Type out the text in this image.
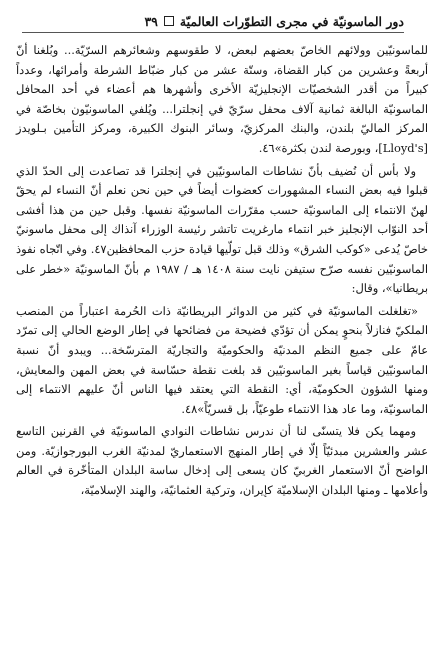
دور الماسونيّة في مجرى التطوّرات العالميّة
٣٩

للماسونيّين وولائهم الخاصّ بعضهم لبعض، لا طقوسهم وشعائرهم السرّيّة... وبُلغنا أنّ أربعةً وعشرين من كبار القضاة، وستّة عشر من كبار ضبّاط الشرطة وأمرائها، وعدداً كبيراً من أقدر الشخصيّات الإنجليزيّة الأخرى وأشهرها هم أعضاء في أحد المحافل الماسونيّة البالغة ثمانية آلاف محفل سرّيّ في إنجلترا... ويُلفي الماسونيّون بخاصّة في المركز الماليّ بلندن، والبنك المركزيّ، وسائر البنوك الكبيرة، ومركز التأمين بـلويدز [Lloyd's]، وبورصة لندن بكثرة»٤٦.

ولا بأس أن نُضيف بأنّ نشاطات الماسونيّين في إنجلترا قد تصاعدت إلى الحدّ الذي قبلوا فيه بعض النساء المشهورات كعضوات أيضاً في حين نحن نعلم أنّ النساء لم يحقّ لهنّ الانتماء إلى الماسونيّة حسب مقرّرات الماسونيّة نفسها. وقبل حين من هذا أفشى أحد النوّاب الإنجليز خبر انتماء مارغريت تاتشر رئيسة الوزراء آنذاك إلى محفل ماسونيّ خاصّ يُدعى «كوكب الشرق» وذلك قبل تولّيها قيادة حزب المحافظين٤٧. وفي اتّجاه نفوذ الماسونيّين نفسه صرّح ستيفن نايت سنة ١٤٠٨ هـ / ١٩٨٧ م بأنّ الماسونيّة «خطر على بريطانيا»، وقال:

«تغلغلت الماسونيّة في كثير من الدوائر البريطانيّة ذات الحُرمة اعتباراً من المنصب الملكيّ فنازلاً بنحوٍ يمكن أن تؤدّي فضيحة من فضائحها في إطار الوضع الحالي إلى تمرّد عامّ على جميع النظم المدنيّة والحكوميّة والتجاريّة المترسّخة... ويبدو أنّ نسبة الماسونيّين قياساً بغير الماسونيّين قد بلغت نقطة حسّاسة في بعض المهن والمعايش، ومنها الشؤون الحكوميّة، أي: النقطة التي يعتقد فيها الناس أنّ عليهم الانتماء إلى الماسونيّة، وما عاد هذا الانتماء طوعيّاً، بل قسريّاً»٤٨.

ومهما يكن فلا يتسنّى لنا أن ندرس نشاطات النوادي الماسونيّة في القرنين التاسع عشر والعشرين مبدئيّاً إلّا في إطار المنهج الاستعماريّ لمدنيّة الغرب البورجوازيّة. ومن الواضح أنّ الاستعمار الغربيّ كان يسعى إلى إدخال ساسة البلدان المتأخّرة في العالم وأعلامها ـ ومنها البلدان الإسلاميّة كإيران، وتركية العثمانيّة، والهند الإسلاميّة،
